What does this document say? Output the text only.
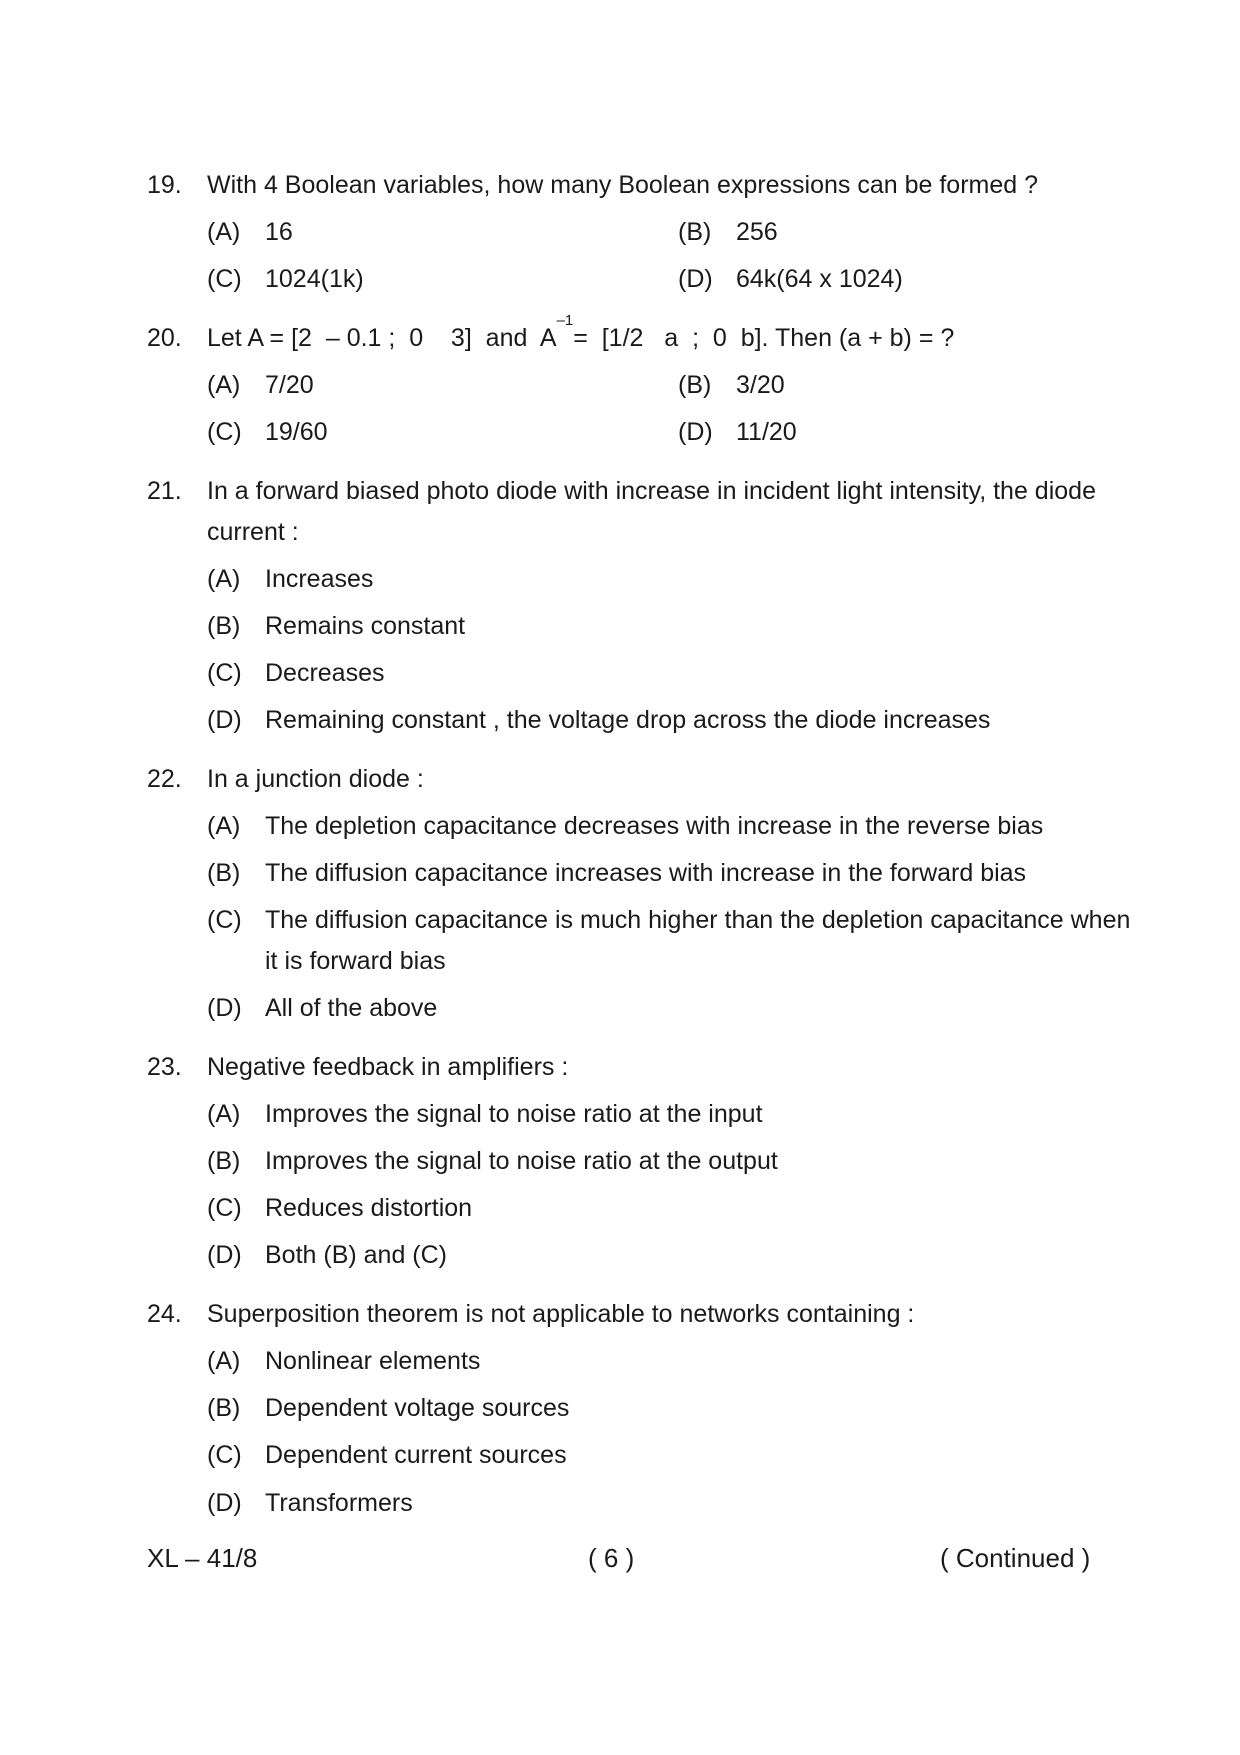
19. With 4 Boolean variables, how many Boolean expressions can be formed ?
(A) 16	(B) 256
(C) 1024(1k)	(D) 64k(64 x 1024)
20. Let A = [2  – 0.1 ;  0    3]  and  $A^{-1}= [1/2$   a  ;  0  b]. Then (a + b) = ?
(A) 7/20	(B) 3/20
(C) 19/60	(D) 11/20
21. In a forward biased photo diode with increase in incident light intensity, the diode
current :
(A) Increases
(B) Remains constant
(C) Decreases
(D) Remaining constant , the voltage drop across the diode increases
22. In a junction diode :
(A) The depletion capacitance decreases with increase in the reverse bias
(B) The diffusion capacitance increases with increase in the forward bias
(C) The diffusion capacitance is much higher than the depletion capacitance when
it is forward bias
(D) All of the above
23. Negative feedback in amplifiers :
(A) Improves the signal to noise ratio at the input
(B) Improves the signal to noise ratio at the output
(C) Reduces distortion
(D) Both (B) and (C)
24. Superposition theorem is not applicable to networks containing :
(A) Nonlinear elements
(B) Dependent voltage sources
(C) Dependent current sources
(D) Transformers
XL – 41/8	( 6 )	( Continued )
